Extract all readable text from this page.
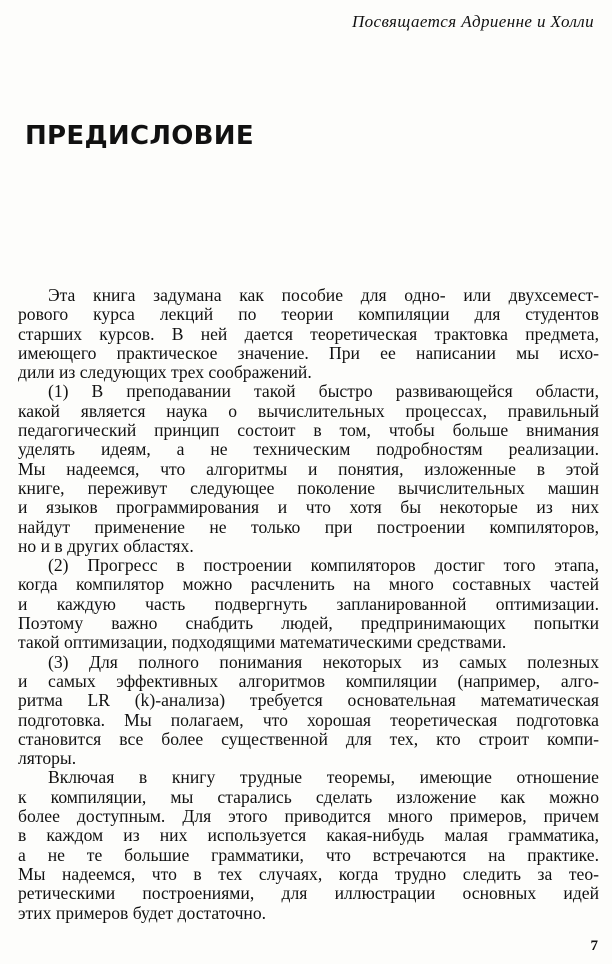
Посвящается Адриенне и Холли
ПРЕДИСЛОВИЕ
Эта книга задумана как пособие для одно- или двухсемест-
рового курса лекций по теории компиляции для студентов
старших курсов. В ней дается теоретическая трактовка предмета,
имеющего практическое значение. При ее написании мы исхо-
дили из следующих трех соображений.
(1) В преподавании такой быстро развивающейся области,
какой является наука о вычислительных процессах, правильный
педагогический принцип состоит в том, чтобы больше внимания
уделять идеям, а не техническим подробностям реализации.
Мы надеемся, что алгоритмы и понятия, изложенные в этой
книге, переживут следующее поколение вычислительных машин
и языков программирования и что хотя бы некоторые из них
найдут применение не только при построении компиляторов,
но и в других областях.
(2) Прогресс в построении компиляторов достиг того этапа,
когда компилятор можно расчленить на много составных частей
и каждую часть подвергнуть запланированной оптимизации.
Поэтому важно снабдить людей, предпринимающих попытки
такой оптимизации, подходящими математическими средствами.
(3) Для полного понимания некоторых из самых полезных
и самых эффективных алгоритмов компиляции (например, алго-
ритма LR (k)-анализа) требуется основательная математическая
подготовка. Мы полагаем, что хорошая теоретическая подготовка
становится все более существенной для тех, кто строит компи-
ляторы.
Включая в книгу трудные теоремы, имеющие отношение
к компиляции, мы старались сделать изложение как можно
более доступным. Для этого приводится много примеров, причем
в каждом из них используется какая-нибудь малая грамматика,
а не те большие грамматики, что встречаются на практике.
Мы надеемся, что в тех случаях, когда трудно следить за тео-
ретическими построениями, для иллюстрации основных идей
этих примеров будет достаточно.
7
